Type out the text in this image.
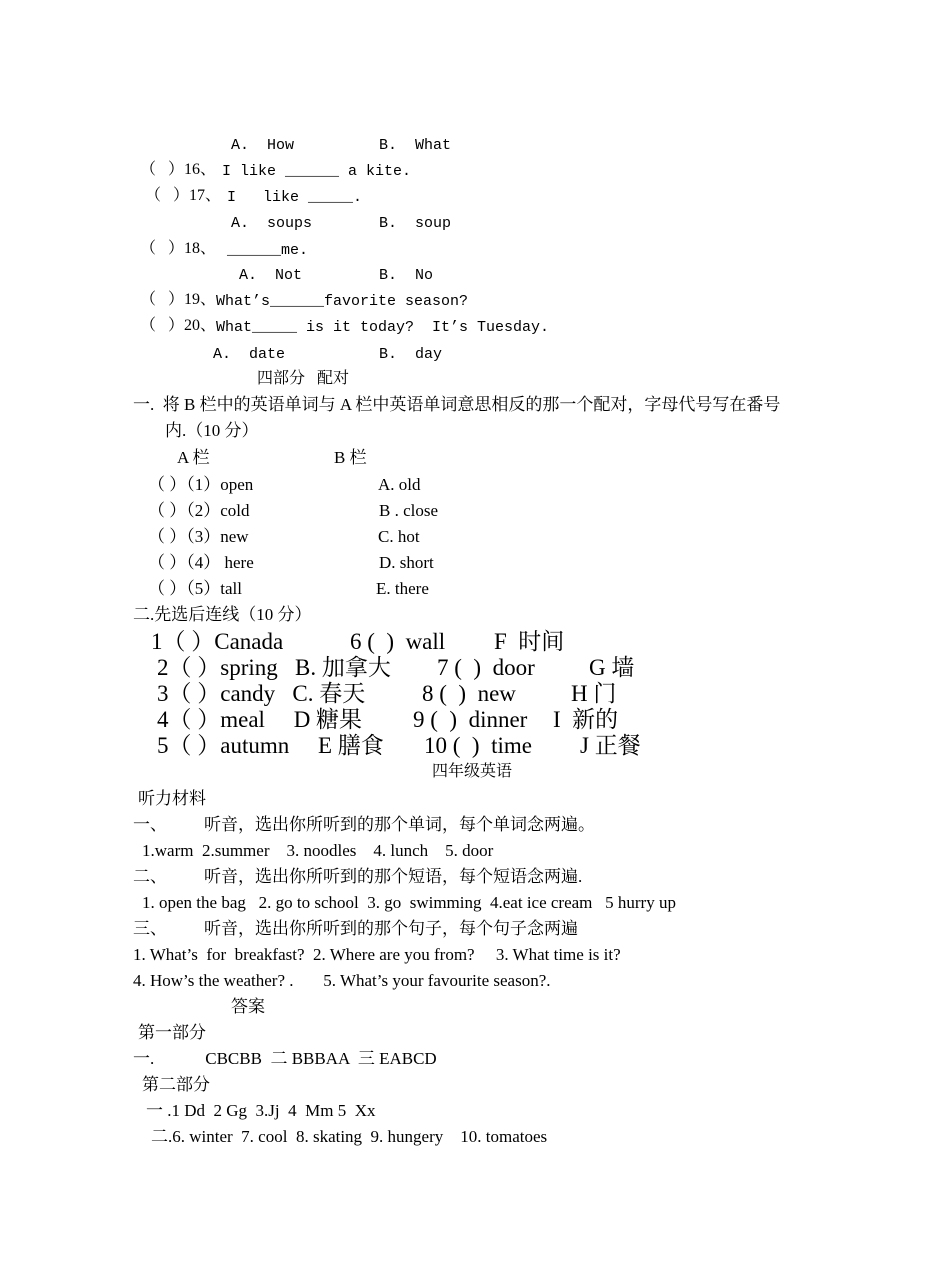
A.  How	B.  What
（   ）16、 I like ______ a kite.
（   ）17、 I   like _____.
A.  soups	B.  soup
（   ）18、
______me.
A.  Not	B.  No
（   ）19、 What’s______favorite season?
（   ）20、 What_____ is it today?  It’s Tuesday.
A.  date	B.  day
四部分   配对
一.  将 B 栏中的英语单词与 A 栏中英语单词意思相反的那一个配对，字母代号写在番号
内.（10 分）
A 栏	B 栏
（ ）（1）open	A. old
（ ）（2）cold	B . close
（ ）（3）new	C. hot
（ ）（4） here	D. short
（ ）（5）tall	E. there
二.先选后连线（10 分）
1（ ）Canada	6 (  )  wall F  时间
2（ ）spring   B. 加拿大 7 (  )  door G 墙
3（ ）candy   C. 春天 8 (  )  new H 门
4（ ）meal     D 糖果 9 (  )  dinner I  新的
5（ ）autumn     E 膳食 10 (  )  time J 正餐
四年级英语
听力材料
一、 听音，选出你所听到的那个单词，每个单词念两遍。
1.warm  2.summer    3. noodles    4. lunch    5. door
二、 听音，选出你所听到的那个短语，每个短语念两遍.
1. open the bag   2. go to school  3. go  swimming  4.eat ice cream   5 hurry up
三、 听音，选出你所听到的那个句子，每个句子念两遍
1. What’s  for  breakfast?  2. Where are you from?     3. What time is it?
4. How’s the weather? .       5. What’s your favourite season?.
答案
第一部分
一.            CBCBB  二 BBBAA  三 EABCD
第二部分
一 .1 Dd  2 Gg  3.Jj  4  Mm 5  Xx
二.6. winter  7. cool  8. skating  9. hungery    10. tomatoes
